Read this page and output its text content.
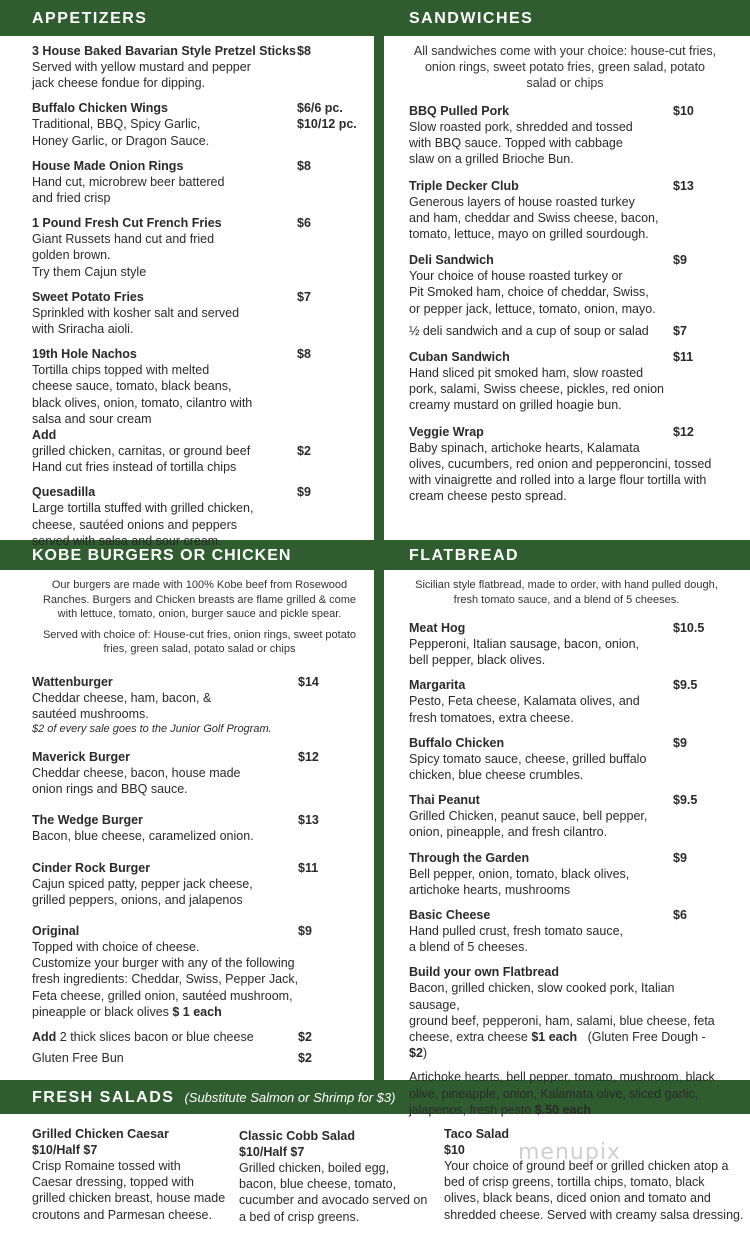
APPETIZERS	SANDWICHES
KOBE BURGERS OR CHICKEN	FLATBREAD
FRESH SALADS (Substitute Salmon or Shrimp for $3)
3 House Baked Bavarian Style Pretzel Sticks
Served with yellow mustard and pepper
jack cheese fondue for dipping.
$8
Buffalo Chicken Wings
Traditional, BBQ, Spicy Garlic,
Honey Garlic, or Dragon Sauce.
$6/6 pc.
$10/12 pc.
House Made Onion Rings
Hand cut, microbrew beer battered
and fried crisp
$8
1 Pound Fresh Cut French Fries
Giant Russets hand cut and fried
golden brown.
Try them Cajun style
$6
Sweet Potato Fries
Sprinkled with kosher salt and served
with Sriracha aioli.
$7
19th Hole Nachos
Tortilla chips topped with melted
cheese sauce, tomato, black beans,
black olives, onion, tomato, cilantro with
salsa and sour cream
$8
Add
grilled chicken, carnitas, or ground beef
Hand cut fries instead of tortilla chips
$2
Quesadilla
Large tortilla stuffed with grilled chicken,
cheese, sautéed onions and peppers
served with salsa and sour cream.
$9
All sandwiches come with your choice: house-cut fries, onion rings, sweet potato fries, green salad, potato salad or chips
BBQ Pulled Pork
Slow roasted pork, shredded and tossed
with BBQ sauce. Topped with cabbage
slaw on a grilled Brioche Bun.
$10
Triple Decker Club
Generous layers of house roasted turkey
and ham, cheddar and Swiss cheese, bacon,
tomato, lettuce, mayo on grilled sourdough.
$13
Deli Sandwich
Your choice of house roasted turkey or
Pit Smoked ham, choice of cheddar, Swiss,
or pepper jack, lettuce, tomato, onion, mayo.
$9
½ deli sandwich and a cup of soup or salad $7
Cuban Sandwich
Hand sliced pit smoked ham, slow roasted
pork, salami, Swiss cheese, pickles, red onion
creamy mustard on grilled hoagie bun.
$11
Veggie Wrap
Baby spinach, artichoke hearts, Kalamata
olives, cucumbers, red onion and pepperoncini, tossed
with vinaigrette and rolled into a large flour tortilla with
cream cheese pesto spread.
$12
Our burgers are made with 100% Kobe beef from Rosewood Ranches. Burgers and Chicken breasts are flame grilled & come with lettuce, tomato, onion, burger sauce and pickle spear.
Served with choice of: House-cut fries, onion rings, sweet potato fries, green salad, potato salad or chips
Wattenburger
Cheddar cheese, ham, bacon, &
sautéed mushrooms.
$2 of every sale goes to the Junior Golf Program.
$14
Maverick Burger
Cheddar cheese, bacon, house made
onion rings and BBQ sauce.
$12
The Wedge Burger
Bacon, blue cheese, caramelized onion.
$13
Cinder Rock Burger
Cajun spiced patty, pepper jack cheese,
grilled peppers, onions, and jalapenos
$11
Original
Topped with choice of cheese.
Customize your burger with any of the following
fresh ingredients: Cheddar, Swiss, Pepper Jack,
Feta cheese, grilled onion, sautéed mushroom,
pineapple or black olives $ 1 each
$9
Add 2 thick slices bacon or blue cheese	$2
Gluten Free Bun	$2
Sicilian style flatbread, made to order, with hand pulled dough, fresh tomato sauce, and a blend of 5 cheeses.
Meat Hog
Pepperoni, Italian sausage, bacon, onion,
bell pepper, black olives.
$10.5
Margarita
Pesto, Feta cheese, Kalamata olives, and
fresh tomatoes, extra cheese.
$9.5
Buffalo Chicken
Spicy tomato sauce, cheese, grilled buffalo
chicken, blue cheese crumbles.
$9
Thai Peanut
Grilled Chicken, peanut sauce, bell pepper,
onion, pineapple, and fresh cilantro.
$9.5
Through the Garden
Bell pepper, onion, tomato, black olives,
artichoke hearts, mushrooms
$9
Basic Cheese
Hand pulled crust, fresh tomato sauce,
a blend of 5 cheeses.
$6
Build your own Flatbread
Bacon, grilled chicken, slow cooked pork, Italian sausage,
ground beef, pepperoni, ham, salami, blue cheese, feta
cheese, extra cheese $1 each (Gluten Free Dough - $2)
Artichoke hearts, bell pepper, tomato, mushroom, black
olive, pineapple, onion, Kalamata olive, sliced garlic,
jalapenos, fresh pesto $.50 each
Grilled Chicken Caesar
$10/Half $7
Crisp Romaine tossed with
Caesar dressing, topped with
grilled chicken breast, house made
croutons and Parmesan cheese.
Classic Cobb Salad
$10/Half $7
Grilled chicken, boiled egg,
bacon, blue cheese, tomato,
cucumber and avocado served on
a bed of crisp greens.
menupix
Taco Salad
$10
Your choice of ground beef or grilled chicken atop a
bed of crisp greens, tortilla chips, tomato, black
olives, black beans, diced onion and tomato and
shredded cheese. Served with creamy salsa dressing.
